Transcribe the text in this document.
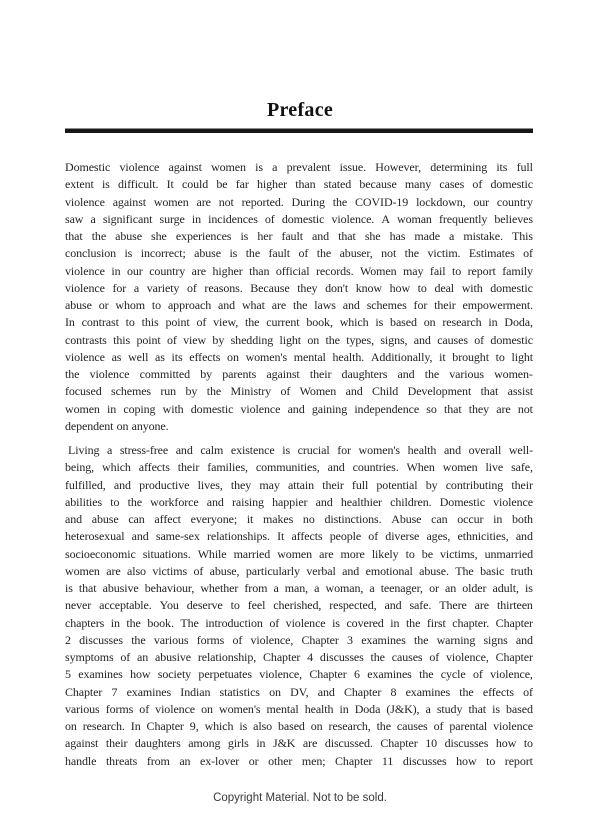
Preface
Domestic violence against women is a prevalent issue. However, determining its full
extent is difficult. It could be far higher than stated because many cases of domestic
violence against women are not reported. During the COVID-19 lockdown, our country
saw a significant surge in incidences of domestic violence. A woman frequently believes
that the abuse she experiences is her fault and that she has made a mistake. This
conclusion is incorrect; abuse is the fault of the abuser, not the victim. Estimates of
violence in our country are higher than official records. Women may fail to report family
violence for a variety of reasons. Because they don't know how to deal with domestic
abuse or whom to approach and what are the laws and schemes for their empowerment.
In contrast to this point of view, the current book, which is based on research in Doda,
contrasts this point of view by shedding light on the types, signs, and causes of domestic
violence as well as its effects on women's mental health. Additionally, it brought to light
the violence committed by parents against their daughters and the various women-
focused schemes run by the Ministry of Women and Child Development that assist
women in coping with domestic violence and gaining independence so that they are not
dependent on anyone.
Living a stress-free and calm existence is crucial for women's health and overall well-
being, which affects their families, communities, and countries. When women live safe,
fulfilled, and productive lives, they may attain their full potential by contributing their
abilities to the workforce and raising happier and healthier children. Domestic violence
and abuse can affect everyone; it makes no distinctions. Abuse can occur in both
heterosexual and same-sex relationships. It affects people of diverse ages, ethnicities, and
socioeconomic situations. While married women are more likely to be victims, unmarried
women are also victims of abuse, particularly verbal and emotional abuse. The basic truth
is that abusive behaviour, whether from a man, a woman, a teenager, or an older adult, is
never acceptable. You deserve to feel cherished, respected, and safe. There are thirteen
chapters in the book. The introduction of violence is covered in the first chapter. Chapter
2 discusses the various forms of violence, Chapter 3 examines the warning signs and
symptoms of an abusive relationship, Chapter 4 discusses the causes of violence, Chapter
5 examines how society perpetuates violence, Chapter 6 examines the cycle of violence,
Chapter 7 examines Indian statistics on DV, and Chapter 8 examines the effects of
various forms of violence on women's mental health in Doda (J&K), a study that is based
on research. In Chapter 9, which is also based on research, the causes of parental violence
against their daughters among girls in J&K are discussed. Chapter 10 discusses how to
handle threats from an ex-lover or other men; Chapter 11 discusses how to report
Copyright Material. Not to be sold.
